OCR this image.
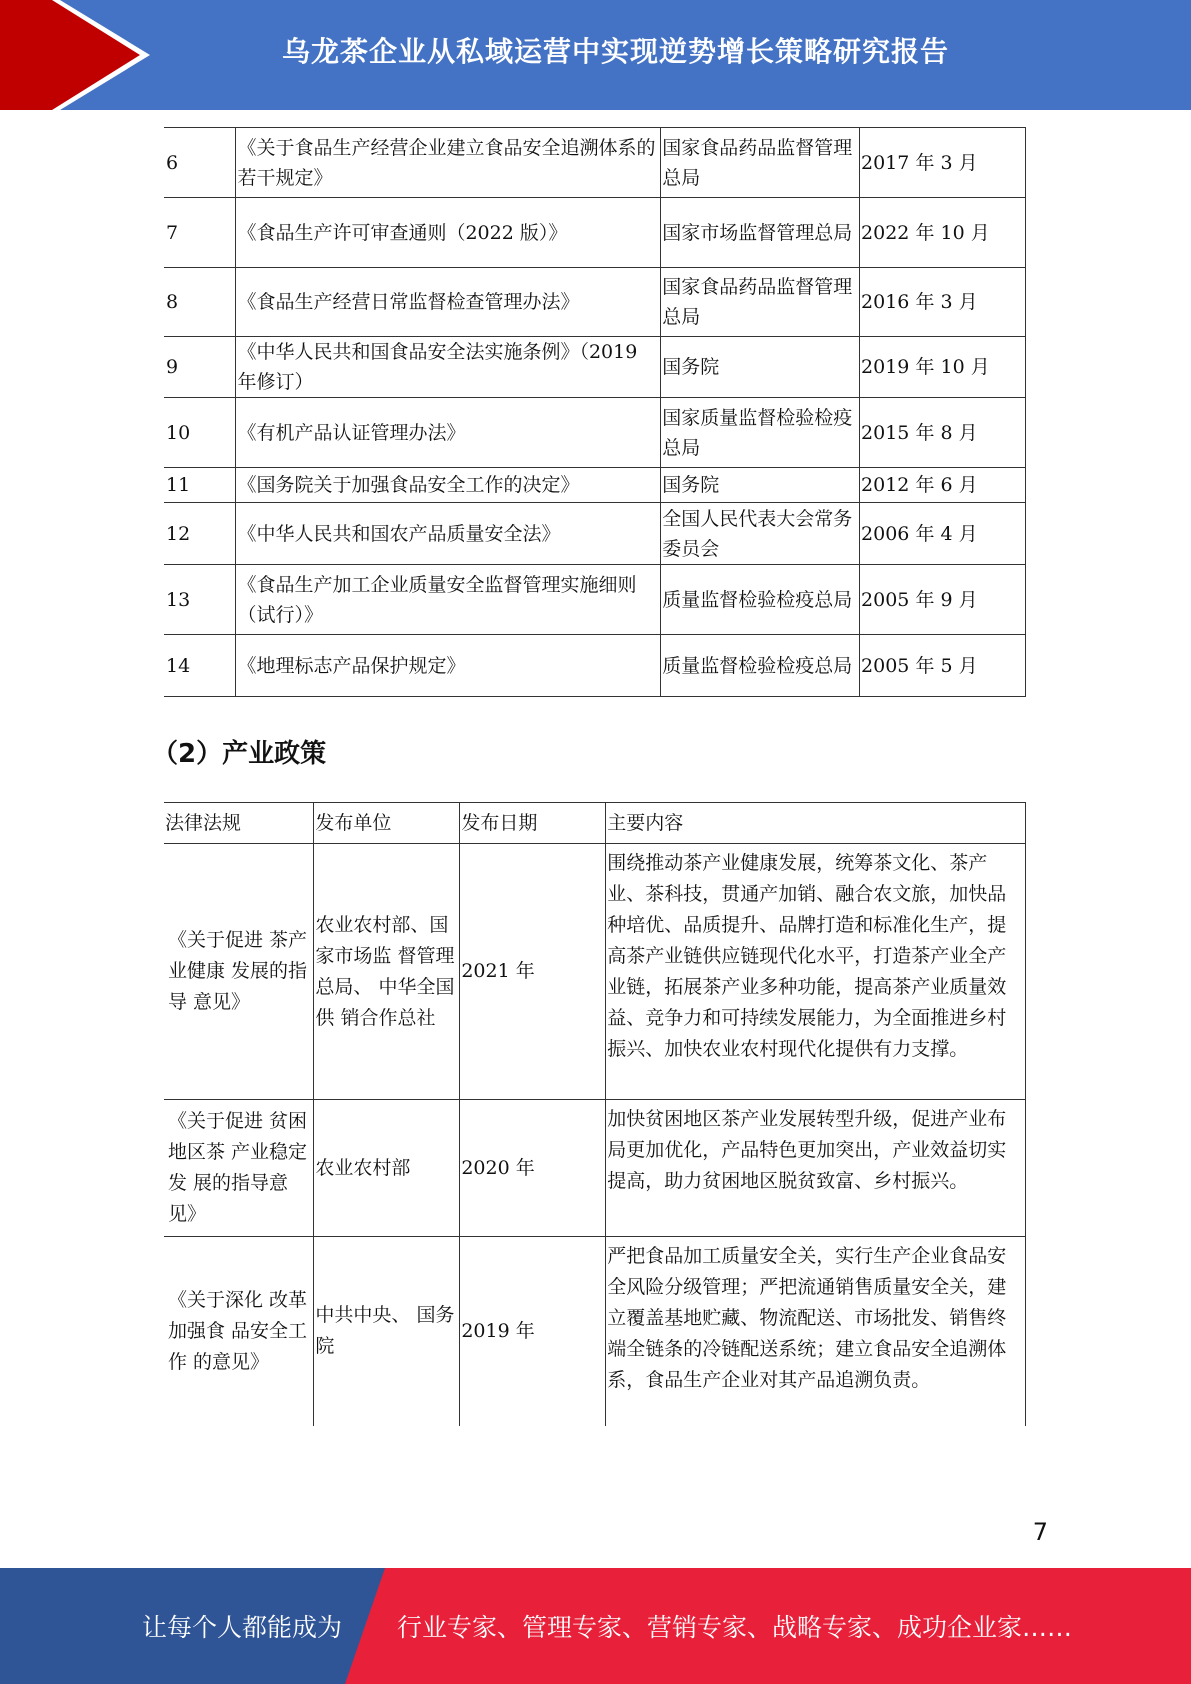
乌龙茶企业从私域运营中实现逆势增长策略研究报告
6	《关于食品生产经营企业建立食品安全追溯体系的若干规定》	国家食品药品监督管理总局	2017 年 3 月
7	《食品生产许可审查通则（2022 版）》	国家市场监督管理总局	2022 年 10 月
8	《食品生产经营日常监督检查管理办法》	国家食品药品监督管理总局	2016 年 3 月
9	《中华人民共和国食品安全法实施条例》（2019 年修订）	国务院	2019 年 10 月
10	《有机产品认证管理办法》	国家质量监督检验检疫总局	2015 年 8 月
11	《国务院关于加强食品安全工作的决定》	国务院	2012 年 6 月
12	《中华人民共和国农产品质量安全法》	全国人民代表大会常务委员会	2006 年 4 月
13	《食品生产加工企业质量安全监督管理实施细则（试行）》	质量监督检验检疫总局	2005 年 9 月
14	《地理标志产品保护规定》	质量监督检验检疫总局	2005 年 5 月
（2）产业政策
法律法规	发布单位	发布日期	主要内容
《关于促进 茶产业健康 发展的指导 意见》	农业农村部、国家市场监 督管理总局、 中华全国供 销合作总社	2021 年	围绕推动茶产业健康发展，统筹茶文化、茶产业、茶科技，贯通产加销、融合农文旅，加快品种培优、品质提升、品牌打造和标准化生产，提高茶产业链供应链现代化水平，打造茶产业全产业链，拓展茶产业多种功能，提高茶产业质量效益、竞争力和可持续发展能力，为全面推进乡村振兴、加快农业农村现代化提供有力支撑。
《关于促进 贫困地区茶 产业稳定发 展的指导意 见》	农业农村部	2020 年	加快贫困地区茶产业发展转型升级，促进产业布局更加优化，产品特色更加突出，产业效益切实提高，助力贫困地区脱贫致富、乡村振兴。
《关于深化 改革加强食 品安全工作 的意见》	中共中央、 国务院	2019 年	严把食品加工质量安全关，实行生产企业食品安全风险分级管理；严把流通销售质量安全关，建立覆盖基地贮藏、物流配送、市场批发、销售终端全链条的冷链配送系统；建立食品安全追溯体系，食品生产企业对其产品追溯负责。
7
让每个人都能成为 行业专家、管理专家、营销专家、战略专家、成功企业家……
